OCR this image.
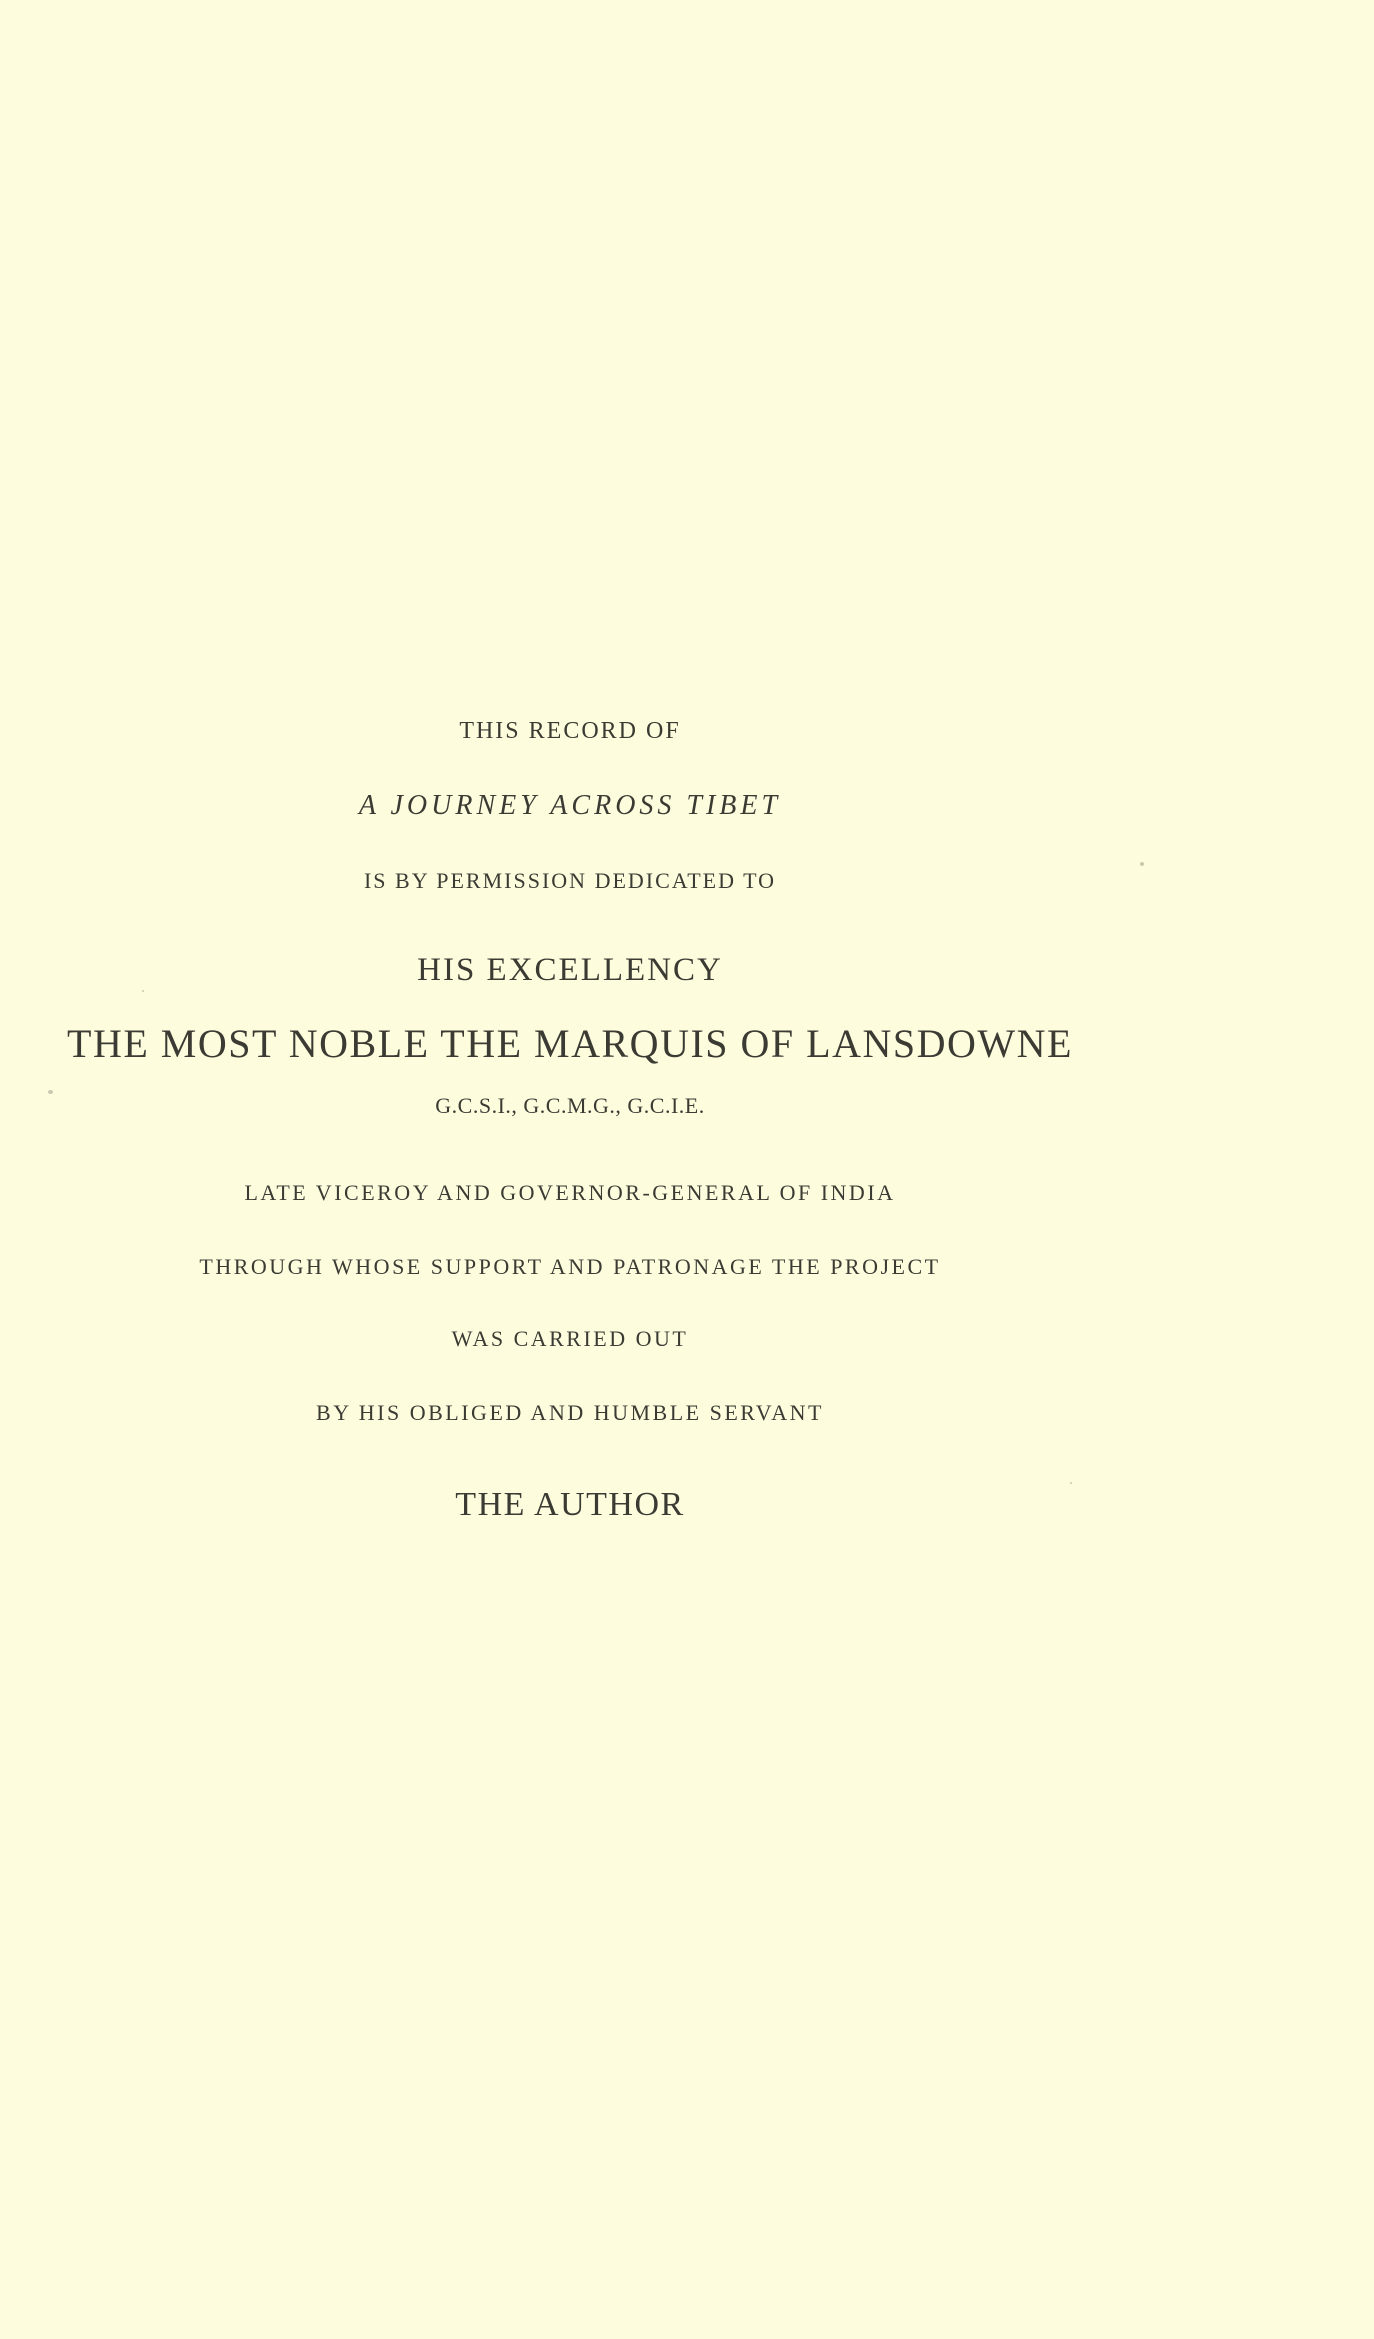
THIS RECORD OF
A JOURNEY ACROSS TIBET
IS BY PERMISSION DEDICATED TO
HIS EXCELLENCY
THE MOST NOBLE THE MARQUIS OF LANSDOWNE
G.C.S.I., G.C.M.G., G.C.I.E.
LATE VICEROY AND GOVERNOR-GENERAL OF INDIA
THROUGH WHOSE SUPPORT AND PATRONAGE THE PROJECT
WAS CARRIED OUT
BY HIS OBLIGED AND HUMBLE SERVANT
THE AUTHOR
